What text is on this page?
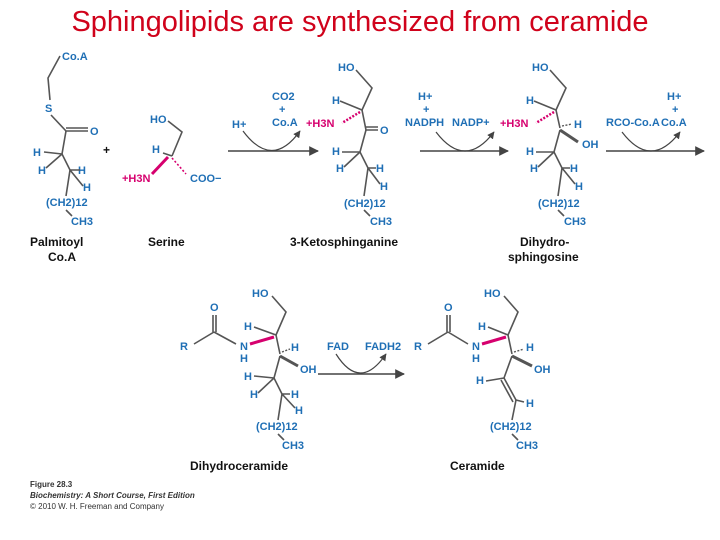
Sphingolipids are synthesized from ceramide
Co.A
S
O
H
H	H
H
(CH2)12
CH3
+
HO
H
+H3N	COO−
H+
CO2
+
Co.A
HO
H
+H3N
O
H
H	H
H
(CH2)12
CH3
H+
+
NADPH NADP+
HO
H
+H3N	H
OH
H
H	H
H
(CH2)12
CH3
H+
+
RCO-Co.A Co.A
Palmitoyl Co.A
Serine	3-Ketosphinganine	Dihydro-sphingosine
O
R
HO
H
N
H
H
OH
H
H	H
H
(CH2)12
CH3
FAD FADH2
O
R
HO
H
N
H
H
OH
H
H
(CH2)12
CH3
Dihydroceramide	Ceramide
Figure 28.3
Biochemistry: A Short Course, First Edition
© 2010 W. H. Freeman and Company
